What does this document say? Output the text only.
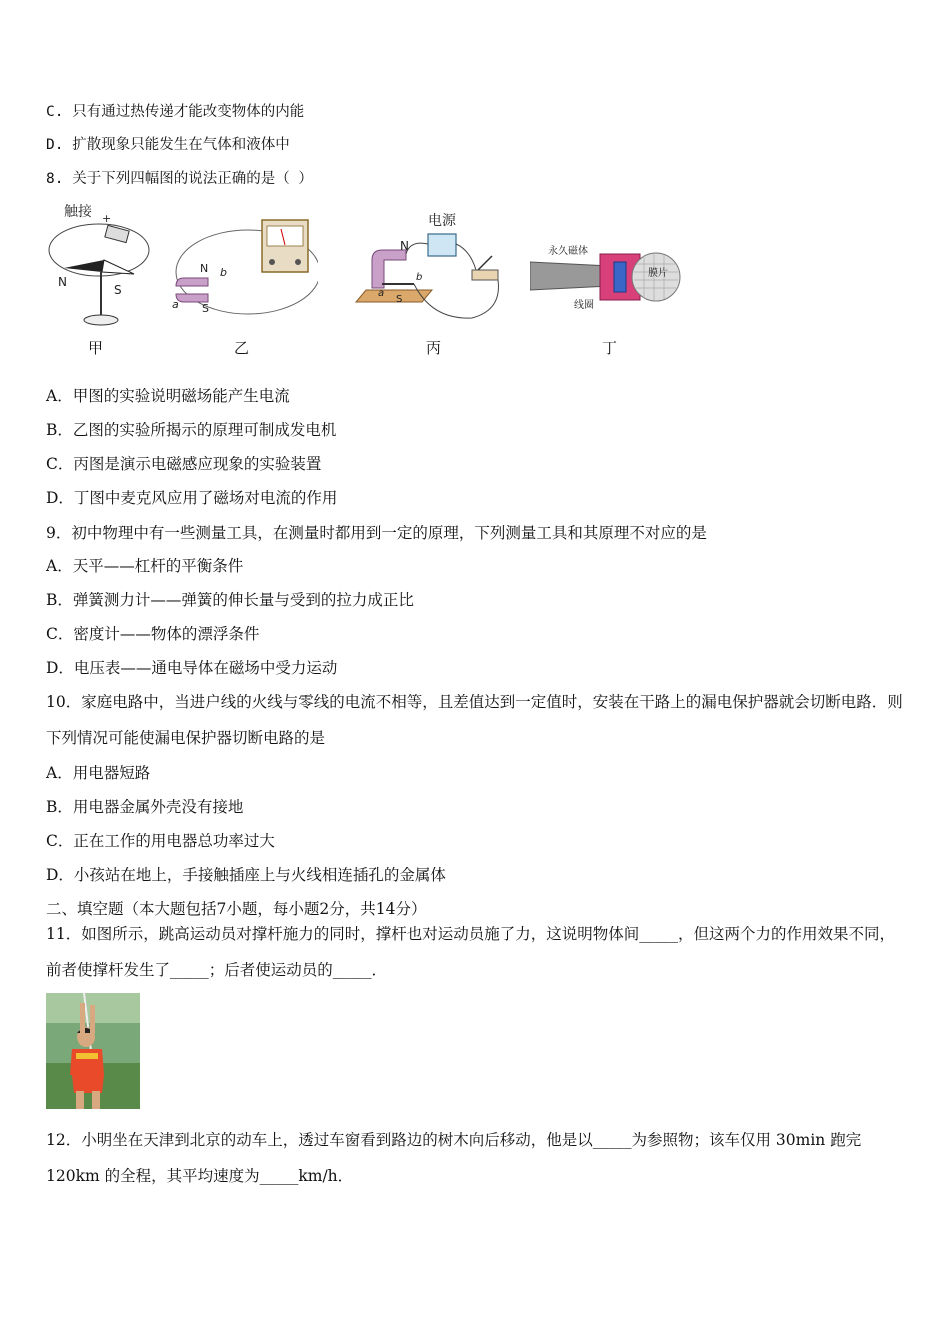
C. 只有通过热传递才能改变物体的内能
D. 扩散现象只能发生在气体和液体中
8. 关于下列四幅图的说法正确的是（ ）
触接 +
N
S
甲
N
S
a
b
乙
电源
N
S
a
b
丙
永久磁体
膜片
线圈
丁
A．甲图的实验说明磁场能产生电流
B．乙图的实验所揭示的原理可制成发电机
C．丙图是演示电磁感应现象的实验装置
D．丁图中麦克风应用了磁场对电流的作用
9．初中物理中有一些测量工具，在测量时都用到一定的原理，下列测量工具和其原理不对应的是
A．天平——杠杆的平衡条件
B．弹簧测力计——弹簧的伸长量与受到的拉力成正比
C．密度计——物体的漂浮条件
D．电压表——通电导体在磁场中受力运动
10．家庭电路中，当进户线的火线与零线的电流不相等，且差值达到一定值时，安装在干路上的漏电保护器就会切断电路．则下列情况可能使漏电保护器切断电路的是
A．用电器短路
B．用电器金属外壳没有接地
C．正在工作的用电器总功率过大
D．小孩站在地上，手接触插座上与火线相连插孔的金属体
二、填空题（本大题包括7小题，每小题2分，共14分）
11．如图所示，跳高运动员对撑杆施力的同时，撑杆也对运动员施了力，这说明物体间_____，但这两个力的作用效果不同，前者使撑杆发生了_____；后者使运动员的_____．
12．小明坐在天津到北京的动车上，透过车窗看到路边的树木向后移动，他是以_____为参照物；该车仅用 30min 跑完 120km 的全程，其平均速度为_____km/h．
